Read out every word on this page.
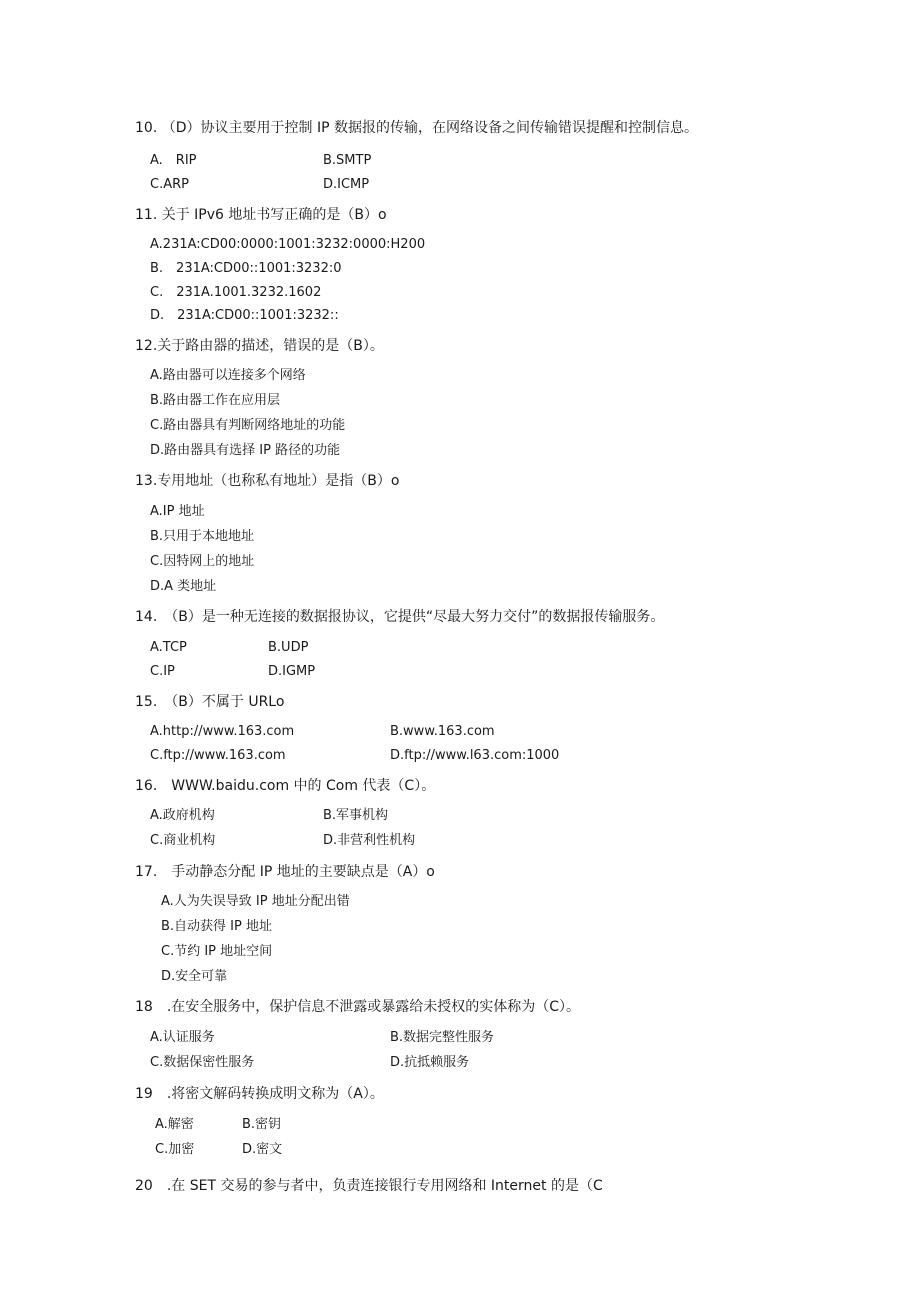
10. （D）协议主要用于控制 IP 数据报的传输，在网络设备之间传输错误提醒和控制信息。
A.　RIP	B.SMTP
C.ARP	D.ICMP
11. 关于 IPv6 地址书写正确的是（B）o
A.231A:CD00:0000:1001:3232:0000:H200
B.　231A:CD00::1001:3232:0
C.　231A.1001.3232.1602
D.　231A:CD00::1001:3232::
12.关于路由器的描述，错误的是（B）。
A.路由器可以连接多个网络
B.路由器工作在应用层
C.路由器具有判断网络地址的功能
D.路由器具有选择 IP 路径的功能
13.专用地址（也称私有地址）是指（B）o
A.IP 地址
B.只用于本地地址
C.因特网上的地址
D.A 类地址
14.　（B）是一种无连接的数据报协议，它提供“尽最大努力交付”的数据报传输服务。
A.TCP	B.UDP
C.IP	D.IGMP
15.　（B）不属于 URLo
A.http://www.163.com	B.www.163.com
C.ftp://www.163.com	D.ftp://www.l63.com:1000
16.　WWW.baidu.com 中的 Com 代表（C）。
A.政府机构	B.军事机构
C.商业机构	D.非营利性机构
17.　手动静态分配 IP 地址的主要缺点是（A）o
A.人为失误导致 IP 地址分配出错
B.自动获得 IP 地址
C.节约 IP 地址空间
D.安全可靠
18　.在安全服务中，保护信息不泄露或暴露给未授权的实体称为（C）。
A.认证服务	B.数据完整性服务
C.数据保密性服务	D.抗抵赖服务
19　.将密文解码转换成明文称为（A）。
A.解密	B.密钥
C.加密	D.密文
20　.在 SET 交易的参与者中，负责连接银行专用网络和 Internet 的是（C
